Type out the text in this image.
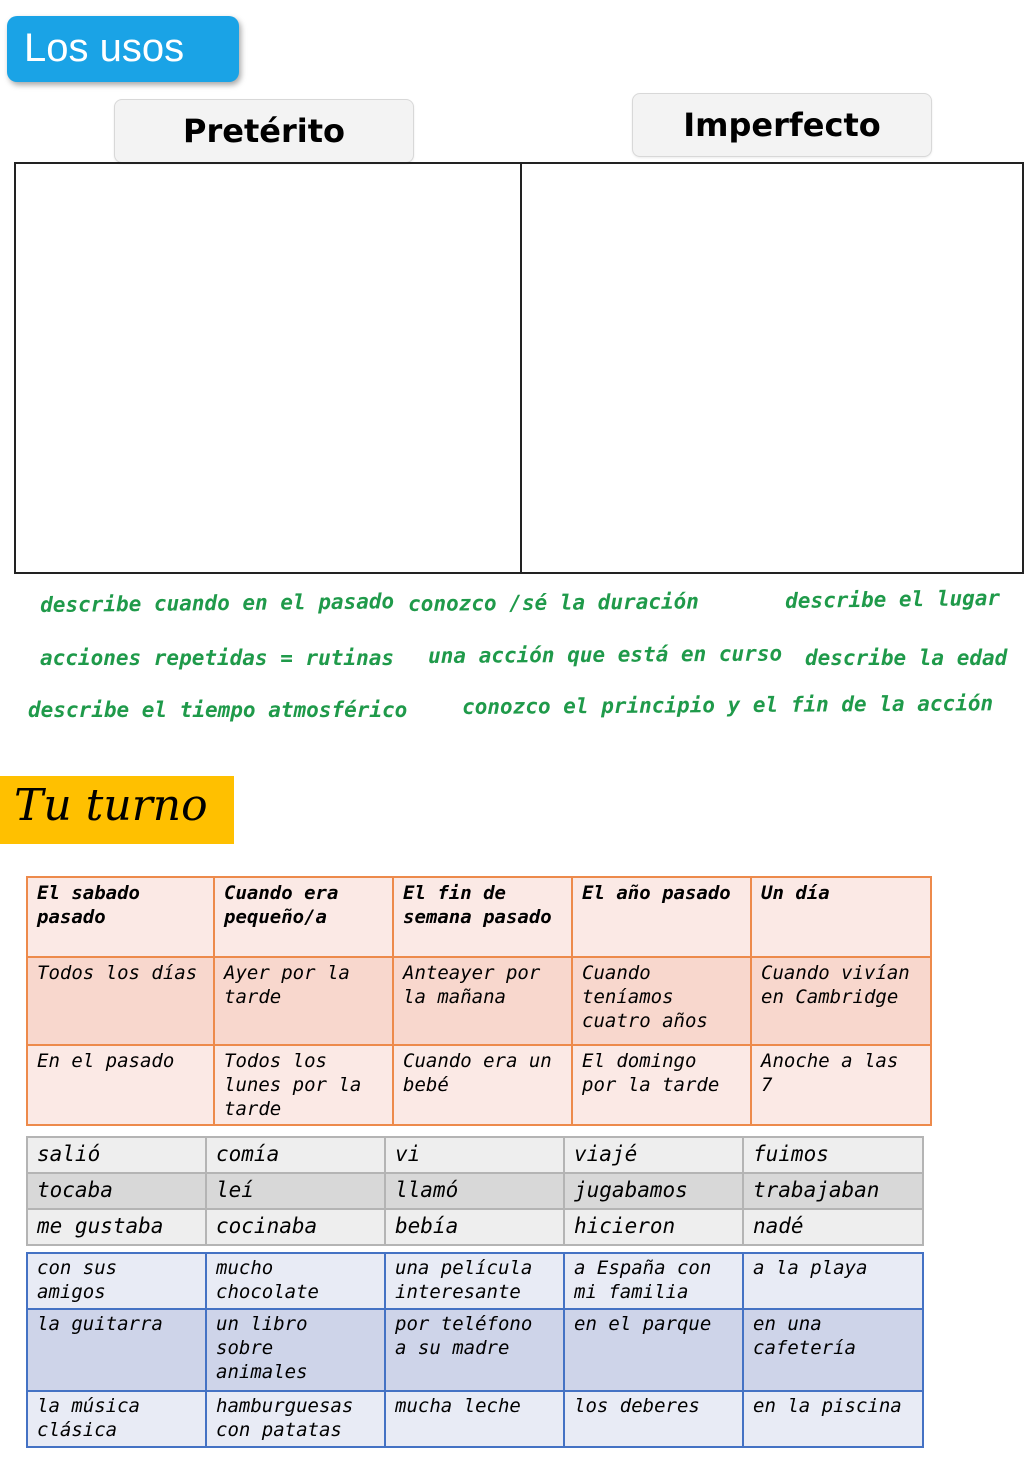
Los usos
Pretérito	Imperfecto
describe cuando en el pasado conozco /sé la duración	describe el lugar
acciones repetidas = rutinas una acción que está en curso describe la edad
describe el tiempo atmosférico	conozco el principio y el fin de la acción
Tu turno
El sabado pasado	Cuando era pequeño/a	El fin de semana pasado	El año pasado	Un día
Todos los días	Ayer por la tarde	Anteayer por la mañana	Cuando teníamos cuatro años	Cuando vivían en Cambridge
En el pasado	Todos los lunes por la tarde	Cuando era un bebé	El domingo por la tarde	Anoche a las 7
salió	comía	vi	viajé	fuimos
tocaba	leí	llamó	jugabamos	trabajaban
me gustaba	cocinaba	bebía	hicieron	nadé
con sus amigos	mucho chocolate	una película interesante	a España con mi familia	a la playa
la guitarra	un libro sobre animales	por teléfono a su madre	en el parque	en una cafetería
la música clásica	hamburguesas con patatas	mucha leche	los deberes	en la piscina
